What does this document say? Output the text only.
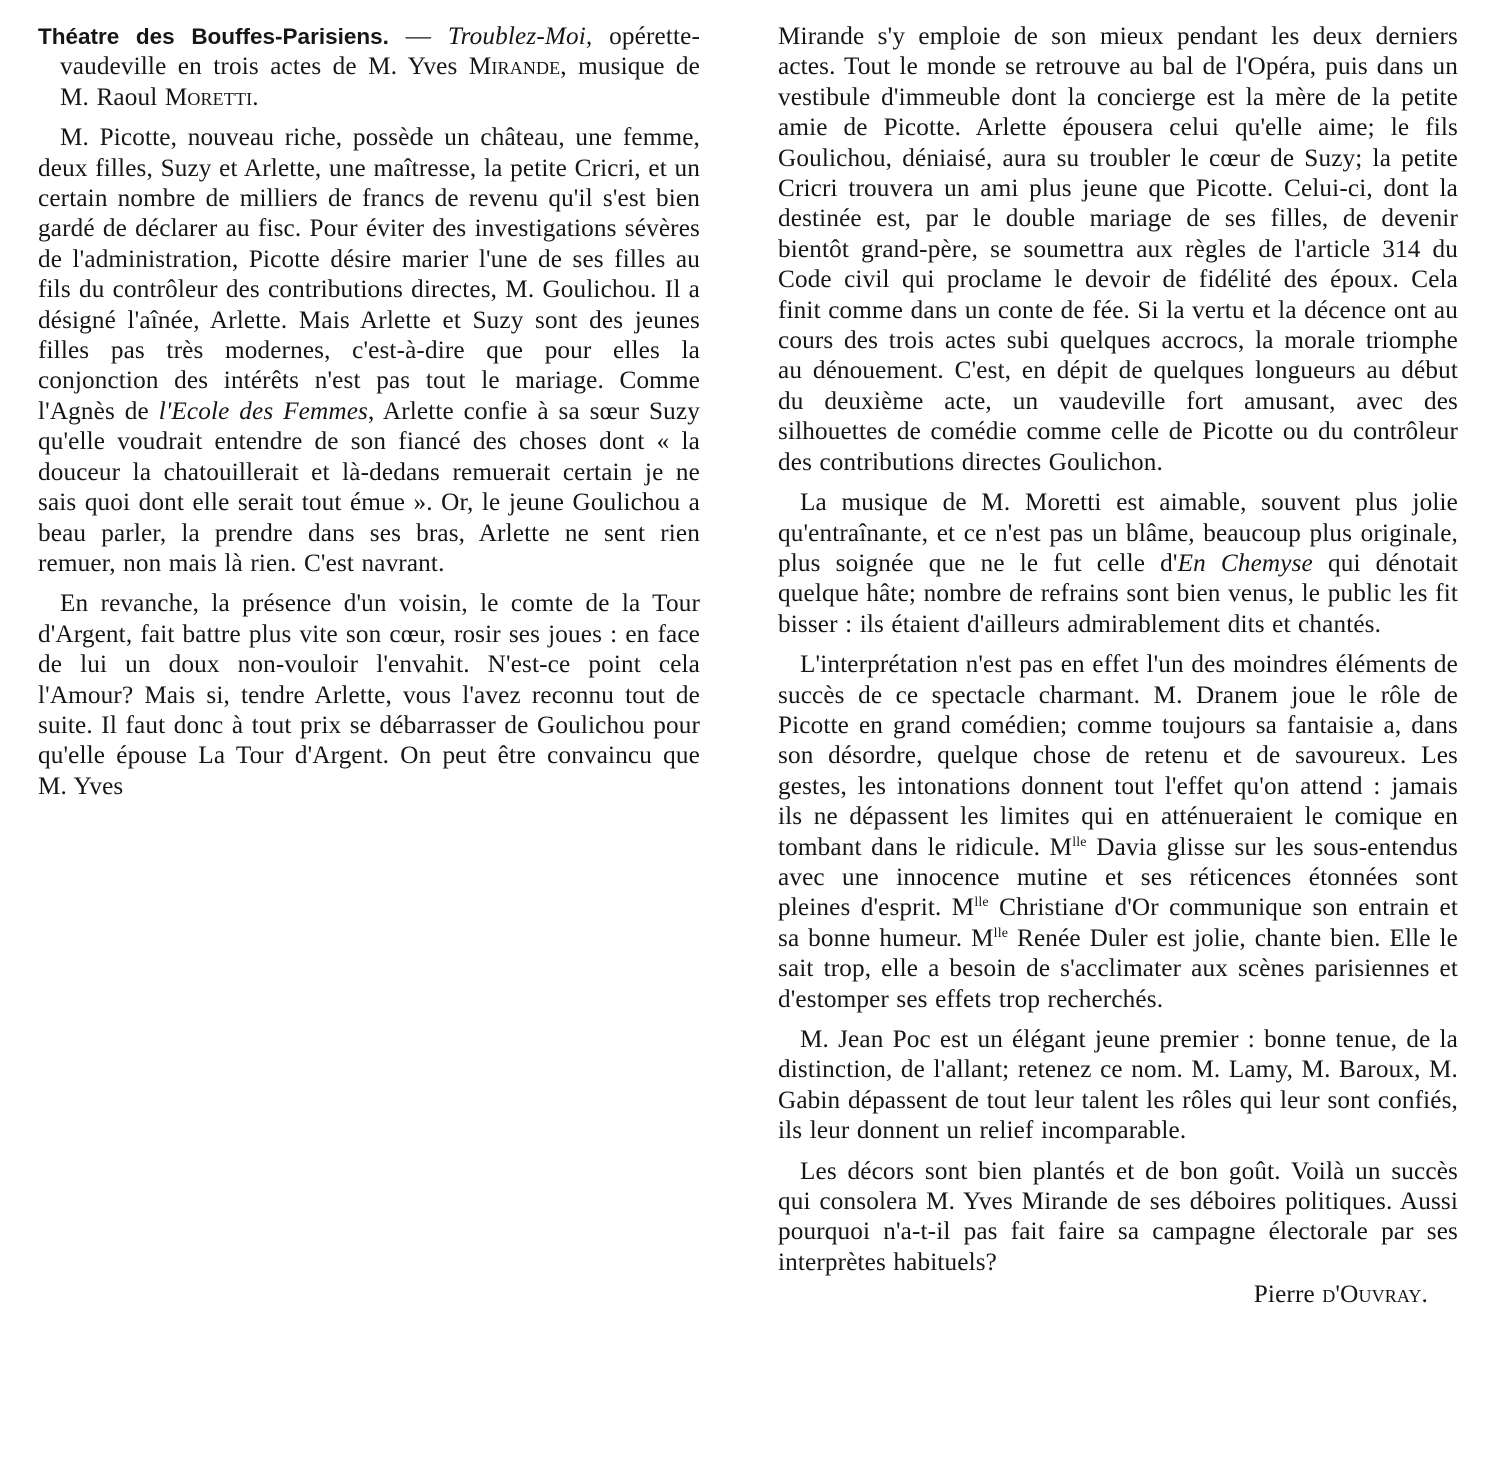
Théatre des Bouffes-Parisiens. — Troublez-Moi, opérette-vaudeville en trois actes de M. Yves Mirande, musique de M. Raoul Moretti.

M. Picotte, nouveau riche, possède un château, une femme, deux filles, Suzy et Arlette, une maîtresse, la petite Cricri, et un certain nombre de milliers de francs de revenu qu'il s'est bien gardé de déclarer au fisc. Pour éviter des investigations sévères de l'administration, Picotte désire marier l'une de ses filles au fils du contrôleur des contributions directes, M. Goulichou. Il a désigné l'aînée, Arlette. Mais Arlette et Suzy sont des jeunes filles pas très modernes, c'est-à-dire que pour elles la conjonction des intérêts n'est pas tout le mariage. Comme l'Agnès de l'Ecole des Femmes, Arlette confie à sa sœur Suzy qu'elle voudrait entendre de son fiancé des choses dont « la douceur la chatouillerait et là-dedans remuerait certain je ne sais quoi dont elle serait tout émue ». Or, le jeune Goulichou a beau parler, la prendre dans ses bras, Arlette ne sent rien remuer, non mais là rien. C'est navrant.

En revanche, la présence d'un voisin, le comte de la Tour d'Argent, fait battre plus vite son cœur, rosir ses joues : en face de lui un doux non-vouloir l'envahit. N'est-ce point cela l'Amour? Mais si, tendre Arlette, vous l'avez reconnu tout de suite. Il faut donc à tout prix se débarrasser de Goulichou pour qu'elle épouse La Tour d'Argent. On peut être convaincu que M. Yves

Mirande s'y emploie de son mieux pendant les deux derniers actes. Tout le monde se retrouve au bal de l'Opéra, puis dans un vestibule d'immeuble dont la concierge est la mère de la petite amie de Picotte. Arlette épousera celui qu'elle aime; le fils Goulichou, déniaisé, aura su troubler le cœur de Suzy; la petite Cricri trouvera un ami plus jeune que Picotte. Celui-ci, dont la destinée est, par le double mariage de ses filles, de devenir bientôt grand-père, se soumettra aux règles de l'article 314 du Code civil qui proclame le devoir de fidélité des époux. Cela finit comme dans un conte de fée. Si la vertu et la décence ont au cours des trois actes subi quelques accrocs, la morale triomphe au dénouement. C'est, en dépit de quelques longueurs au début du deuxième acte, un vaudeville fort amusant, avec des silhouettes de comédie comme celle de Picotte ou du contrôleur des contributions directes Goulichon.

La musique de M. Moretti est aimable, souvent plus jolie qu'entraînante, et ce n'est pas un blâme, beaucoup plus originale, plus soignée que ne le fut celle d'En Chemyse qui dénotait quelque hâte; nombre de refrains sont bien venus, le public les fit bisser : ils étaient d'ailleurs admirablement dits et chantés.

L'interprétation n'est pas en effet l'un des moindres éléments de succès de ce spectacle charmant. M. Dranem joue le rôle de Picotte en grand comédien; comme toujours sa fantaisie a, dans son désordre, quelque chose de retenu et de savoureux. Les gestes, les intonations donnent tout l'effet qu'on attend : jamais ils ne dépassent les limites qui en atténueraient le comique en tombant dans le ridicule. $M^{lle}$ Davia glisse sur les sous-entendus avec une innocence mutine et ses réticences étonnées sont pleines d'esprit. $M^{lle}$ Christiane d'Or communique son entrain et sa bonne humeur. $M^{lle}$ Renée Duler est jolie, chante bien. Elle le sait trop, elle a besoin de s'acclimater aux scènes parisiennes et d'estomper ses effets trop recherchés.

M. Jean Poc est un élégant jeune premier : bonne tenue, de la distinction, de l'allant; retenez ce nom. M. Lamy, M. Baroux, M. Gabin dépassent de tout leur talent les rôles qui leur sont confiés, ils leur donnent un relief incomparable.

Les décors sont bien plantés et de bon goût. Voilà un succès qui consolera M. Yves Mirande de ses déboires politiques. Aussi pourquoi n'a-t-il pas fait faire sa campagne électorale par ses interprètes habituels?

Pierre d'Ouvray.
